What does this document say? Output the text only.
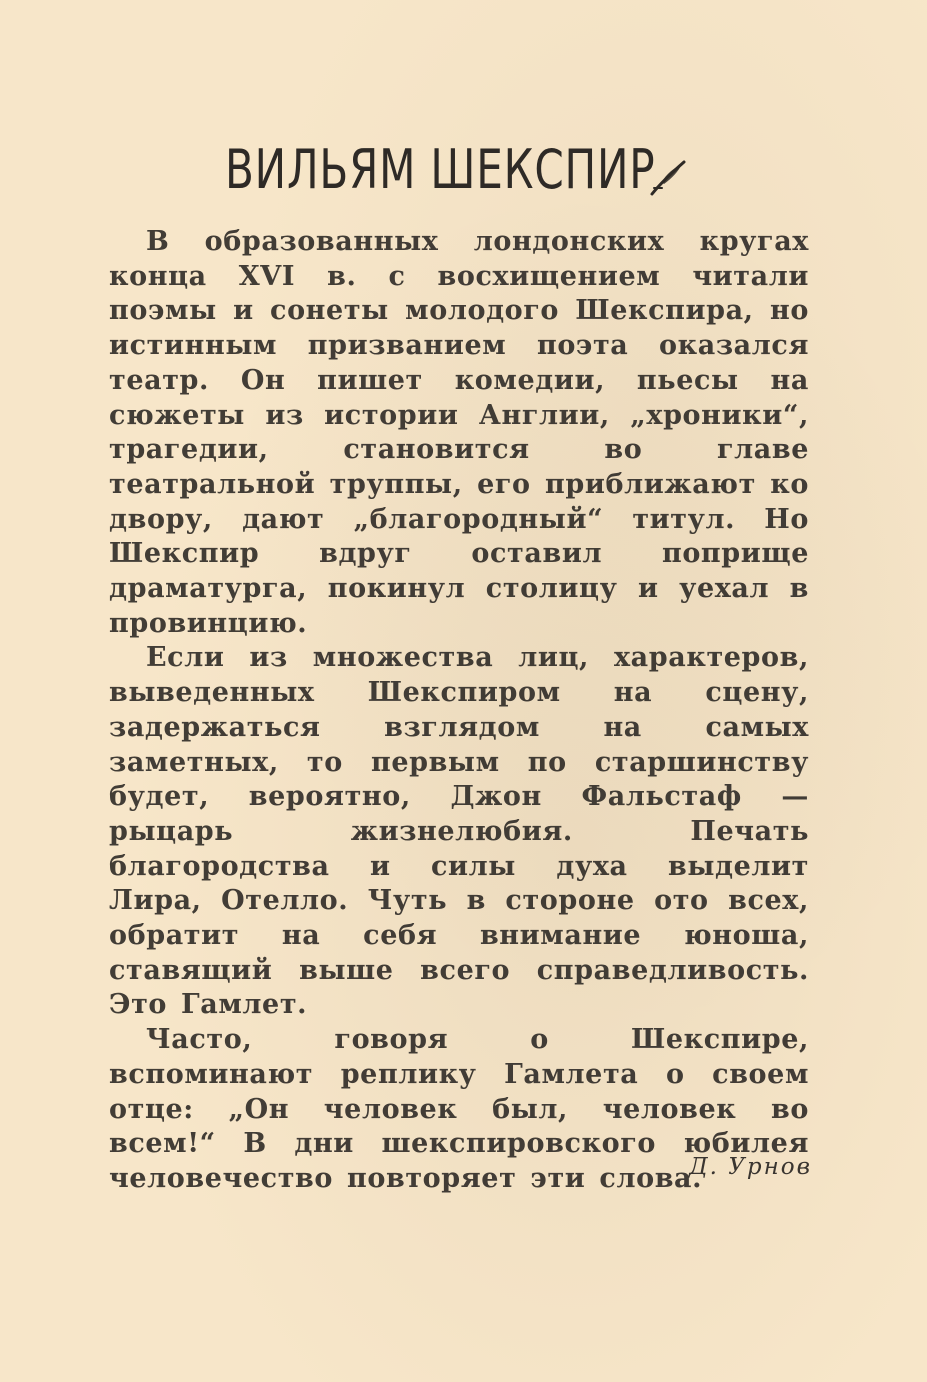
ВИЛЬЯМ ШЕКСПИР

В образованных лондонских кругах конца XVI в. с восхищением читали поэмы и сонеты молодого Шекспира, но истинным призванием поэта оказался театр. Он пишет комедии, пьесы на сюжеты из истории Англии, „хроники“, трагедии, становится во главе театральной труппы, его приближают ко двору, дают „благородный“ титул. Но Шекспир вдруг оставил поприще драматурга, покинул столицу и уехал в провинцию.

Если из множества лиц, характеров, выведенных Шекспиром на сцену, задержаться взглядом на самых заметных, то первым по старшинству будет, вероятно, Джон Фальстаф — рыцарь жизнелюбия. Печать благородства и силы духа выделит Лира, Отелло. Чуть в стороне ото всех, обратит на себя внимание юноша, ставящий выше всего справедливость. Это Гамлет.

Часто, говоря о Шекспире, вспоминают реплику Гамлета о своем отце: „Он человек был, человек во всем!“ В дни шекспировского юбилея человечество повторяет эти слова.

Д. Урнов
